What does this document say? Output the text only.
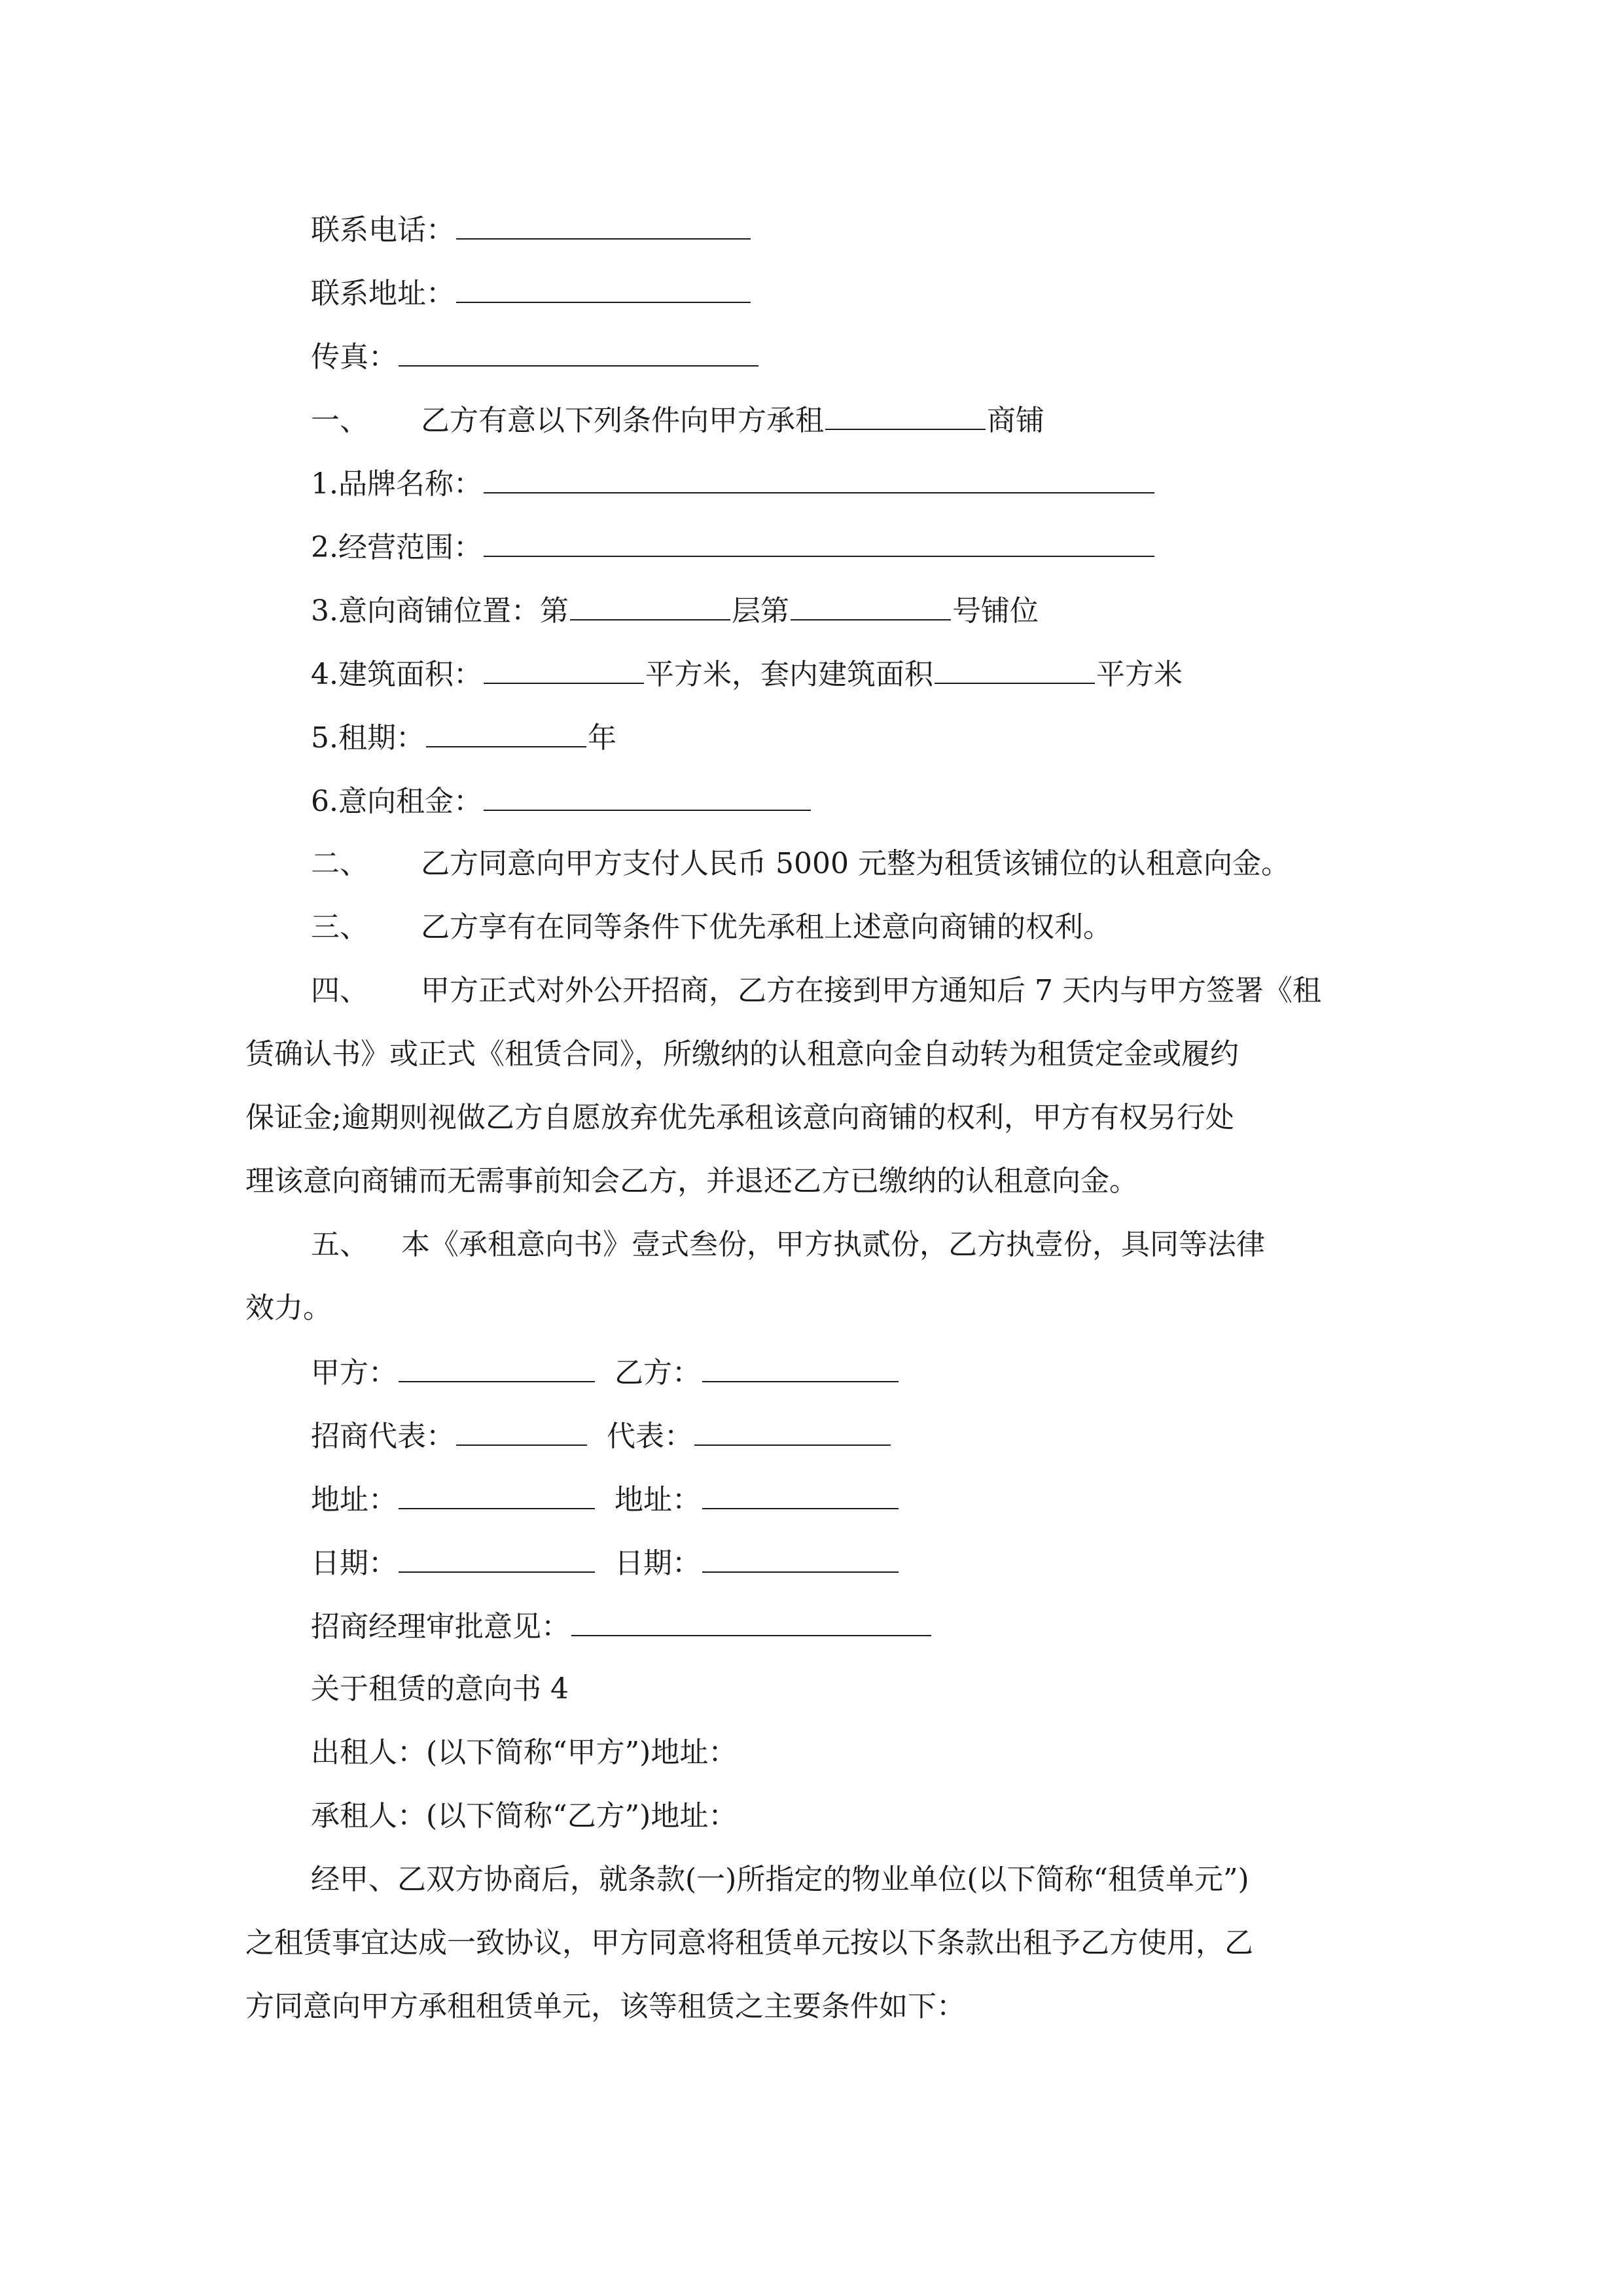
联系电话：
联系地址：
传真：
一、 乙方有意以下列条件向甲方承租	商铺
1.品牌名称：
2.经营范围：
3.意向商铺位置：第	层第	号铺位
4.建筑面积：	平方米，套内建筑面积	平方米
5.租期：	年
6.意向租金：
二、 乙方同意向甲方支付人民币 5000 元整为租赁该铺位的认租意向金。
三、 乙方享有在同等条件下优先承租上述意向商铺的权利。
四、 甲方正式对外公开招商，乙方在接到甲方通知后 7 天内与甲方签署《租
赁确认书》或正式《租赁合同》，所缴纳的认租意向金自动转为租赁定金或履约
保证金;逾期则视做乙方自愿放弃优先承租该意向商铺的权利，甲方有权另行处
理该意向商铺而无需事前知会乙方，并退还乙方已缴纳的认租意向金。
五、 本《承租意向书》壹式叁份，甲方执贰份，乙方执壹份，具同等法律
效力。
甲方：	乙方：
招商代表：	代表：
地址：	地址：
日期：	日期：
招商经理审批意见：
关于租赁的意向书 4
出租人：(以下简称“甲方”)地址：
承租人：(以下简称“乙方”)地址：
经甲、乙双方协商后，就条款(一)所指定的物业单位(以下简称“租赁单元”)
之租赁事宜达成一致协议，甲方同意将租赁单元按以下条款出租予乙方使用，乙
方同意向甲方承租租赁单元，该等租赁之主要条件如下：
